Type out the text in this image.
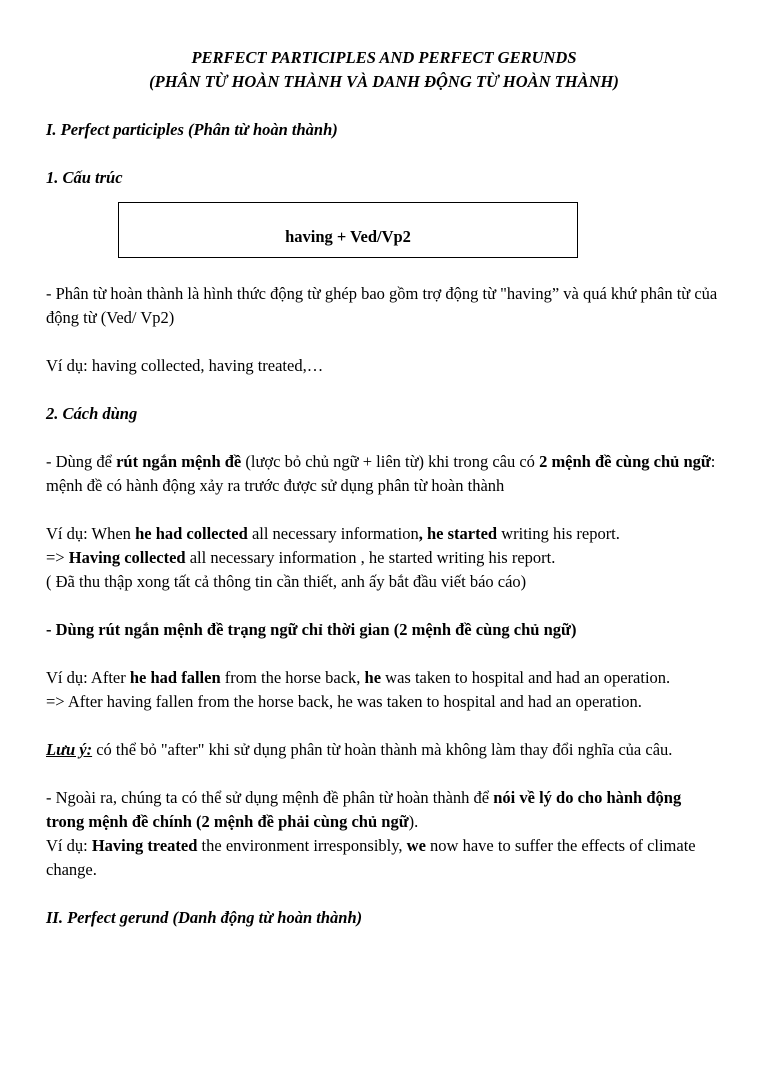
PERFECT PARTICIPLES AND PERFECT GERUNDS
(PHÂN TỪ HOÀN THÀNH VÀ DANH ĐỘNG TỪ HOÀN THÀNH)

I. Perfect participles (Phân từ hoàn thành)

1. Cấu trúc

having + Ved/Vp2

- Phân từ hoàn thành là hình thức động từ ghép bao gồm trợ động từ "having” và quá khứ phân từ của động từ (Ved/ Vp2)

Ví dụ: having collected, having treated,…

2. Cách dùng

- Dùng để rút ngắn mệnh đề (lược bỏ chủ ngữ + liên từ) khi trong câu có 2 mệnh đề cùng chủ ngữ: mệnh đề có hành động xảy ra trước được sử dụng phân từ hoàn thành

Ví dụ: When he had collected all necessary information, he started writing his report.

=> Having collected all necessary information , he started writing his report.

( Đã thu thập xong tất cả thông tin cần thiết, anh ấy bắt đầu viết báo cáo)

- Dùng rút ngắn mệnh đề trạng ngữ chỉ thời gian (2 mệnh đề cùng chủ ngữ)

Ví dụ: After he had fallen from the horse back, he was taken to hospital and had an operation.

=> After having fallen from the horse back, he was taken to hospital and had an operation.

Lưu ý: có thể bỏ "after" khi sử dụng phân từ hoàn thành mà không làm thay đổi nghĩa của câu.

- Ngoài ra, chúng ta có thể sử dụng mệnh đề phân từ hoàn thành để nói về lý do cho hành động trong mệnh đề chính (2 mệnh đề phải cùng chủ ngữ).

Ví dụ: Having treated the environment irresponsibly, we now have to suffer the effects of climate change.

II. Perfect gerund (Danh động từ hoàn thành)
